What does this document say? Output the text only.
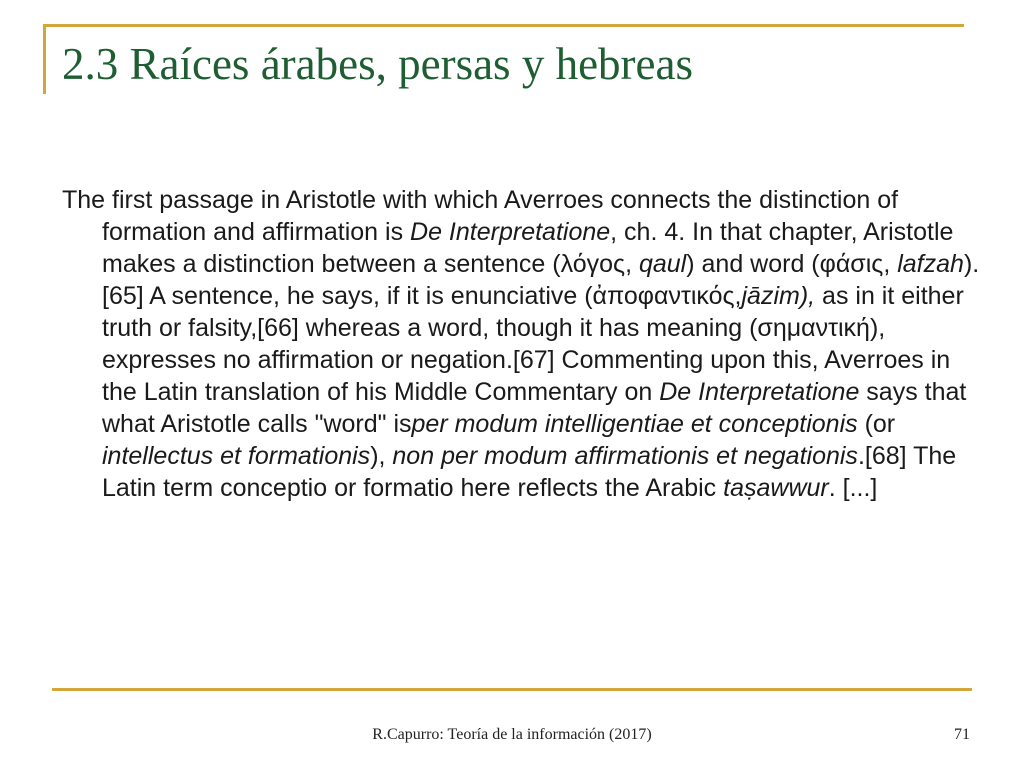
2.3 Raíces árabes, persas y hebreas

The first passage in Aristotle with which Averroes connects the distinction of formation and affirmation is De Interpretatione, ch. 4. In that chapter, Aristotle makes a distinction between a sentence (λόγος, qaul) and word (φάσις, lafzah). [65] A sentence, he says, if it is enunciative (ἀποφαντικός,jāzim), as in it either truth or falsity,[66] whereas a word, though it has meaning (σημαντική), expresses no affirmation or negation.[67] Commenting upon this, Averroes in the Latin translation of his Middle Commentary on De Interpretatione says that what Aristotle calls "word" isper modum intelligentiae et conceptionis (or intellectus et formationis), non per modum affirmationis et negationis.[68] The Latin term conceptio or formatio here reflects the Arabic taṣawwur. [...]

R.Capurro: Teoría de la información (2017)	71
